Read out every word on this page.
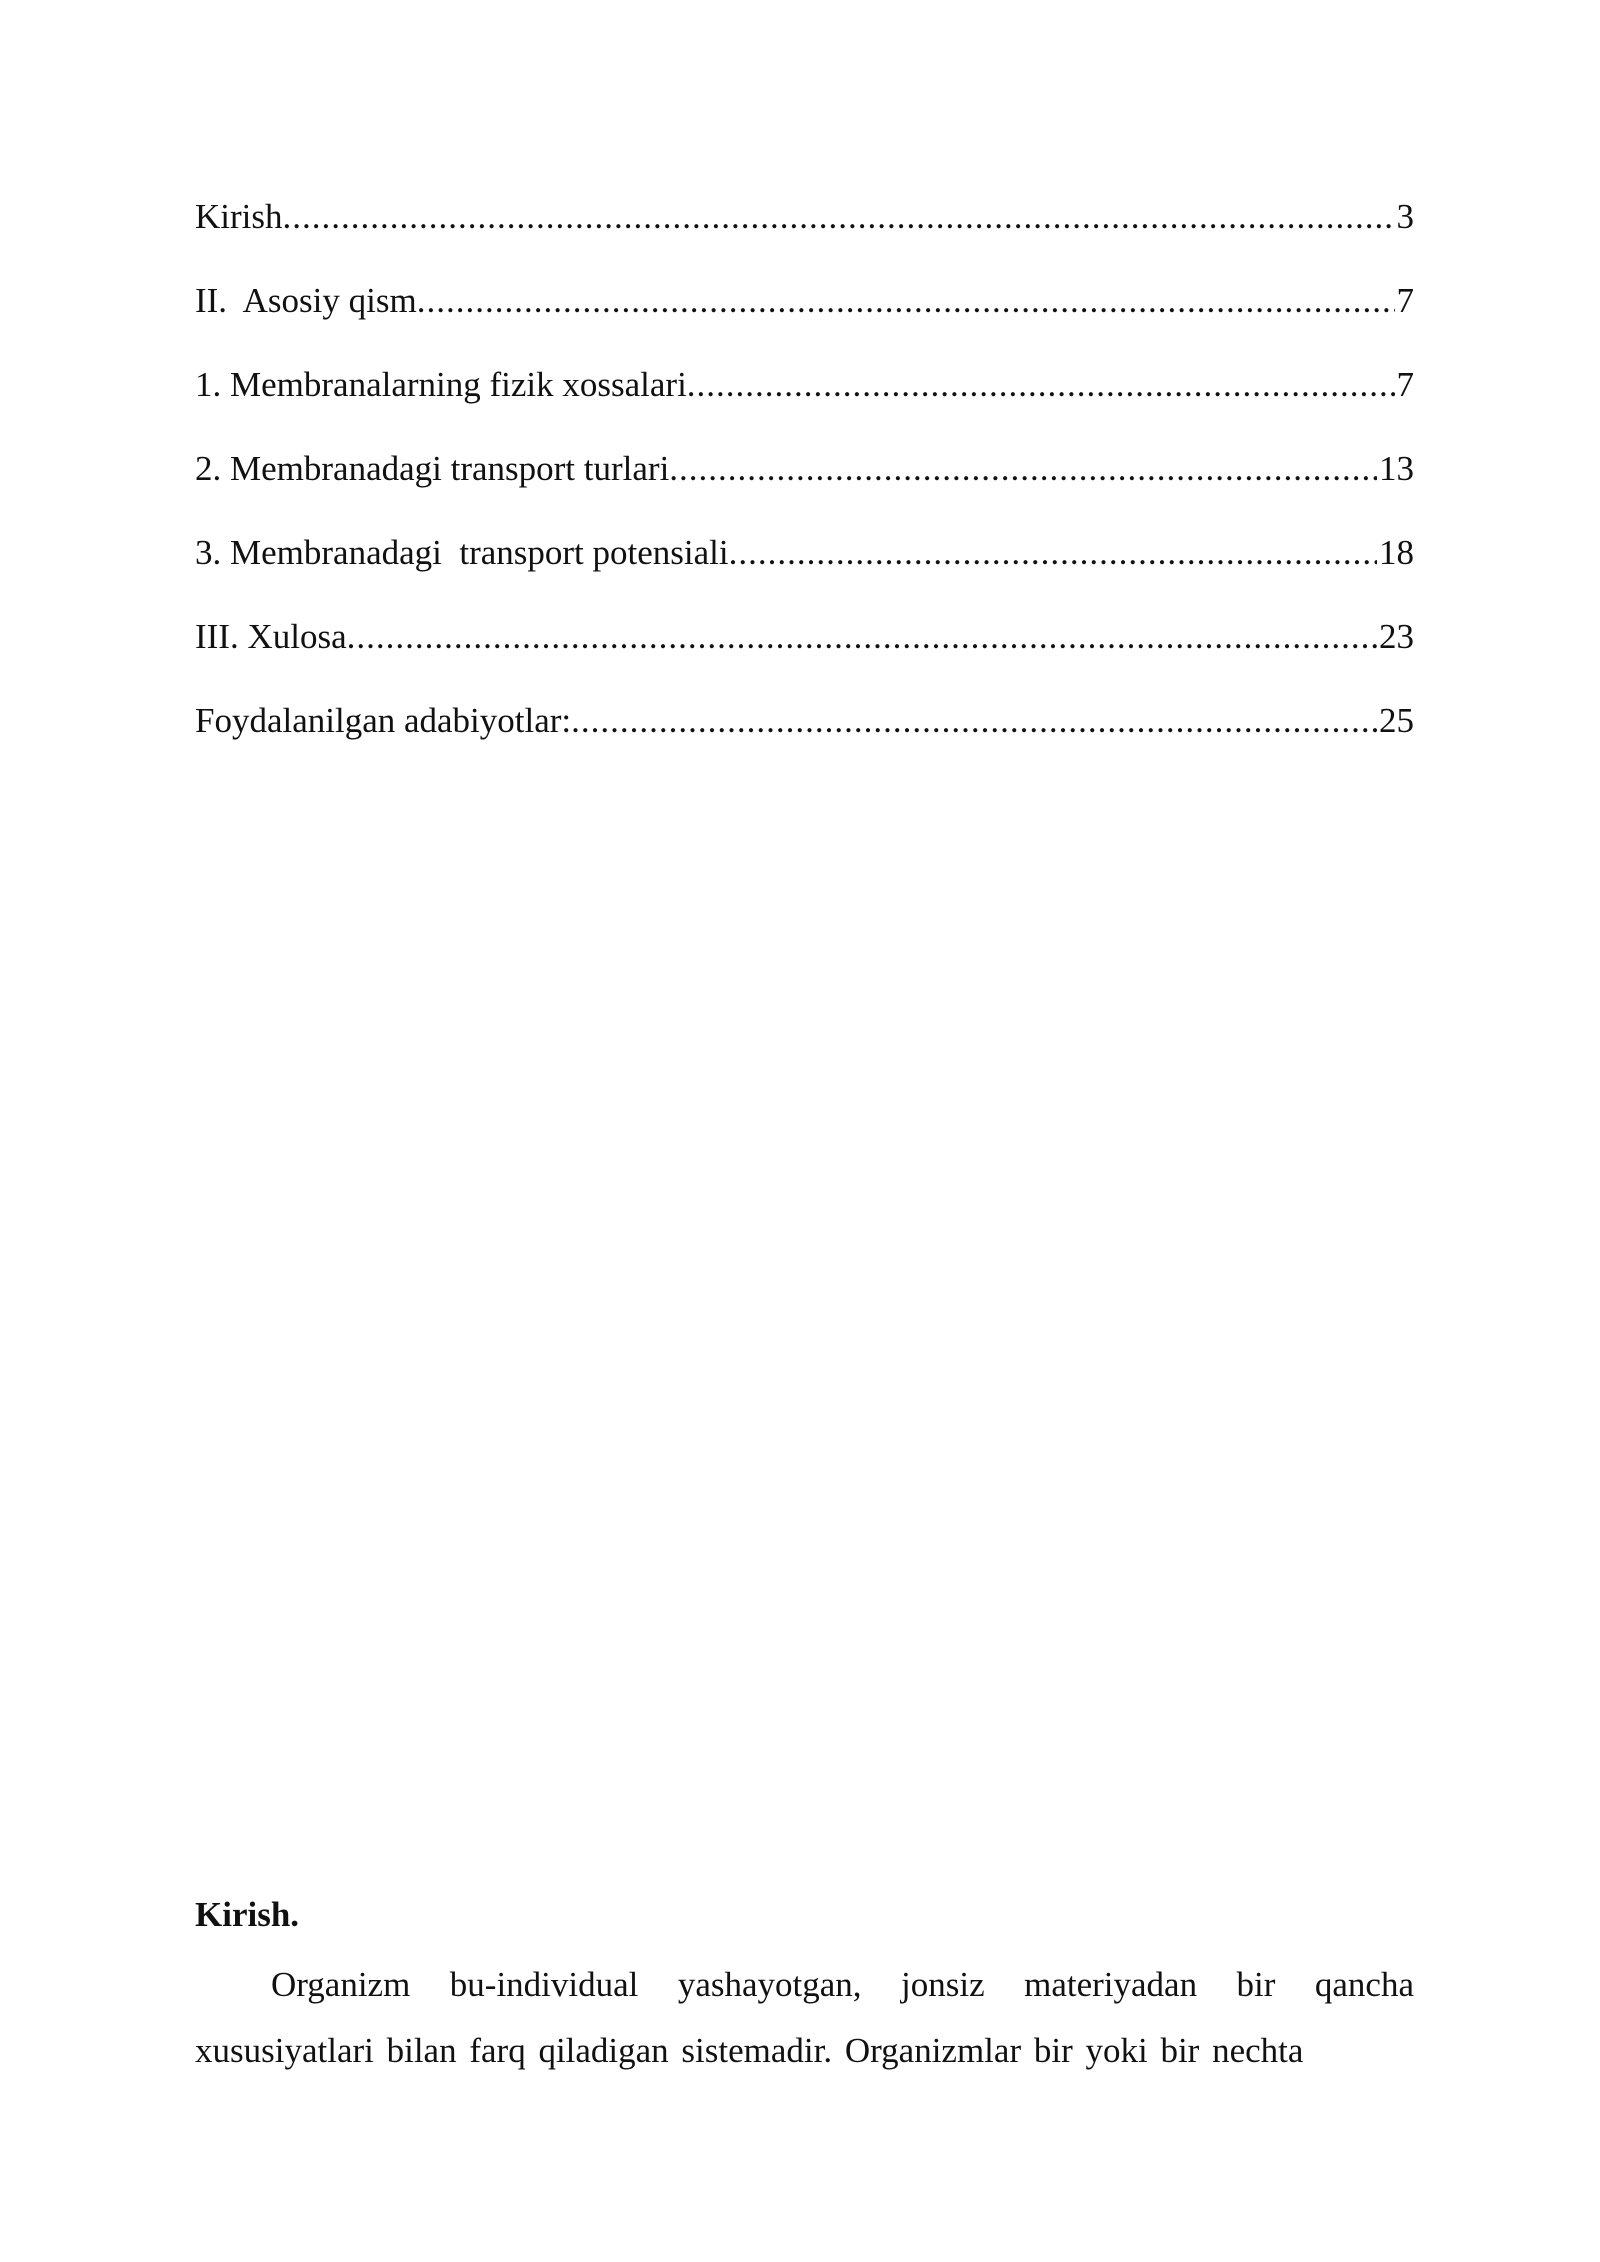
Kirish .....	3
II.  Asosiy qism .....	7
1. Membranalarning fizik xossalari .....	7
2. Membranadagi transport turlari .....	13
3. Membranadagi  transport potensiali .....	18
III. Xulosa .....	23
Foydalanilgan adabiyotlar: .....	25
Kirish.

Organizm bu-individual yashayotgan, jonsiz materiyadan bir qancha xususiyatlari bilan farq qiladigan sistemadir. Organizmlar bir yoki bir nechta
